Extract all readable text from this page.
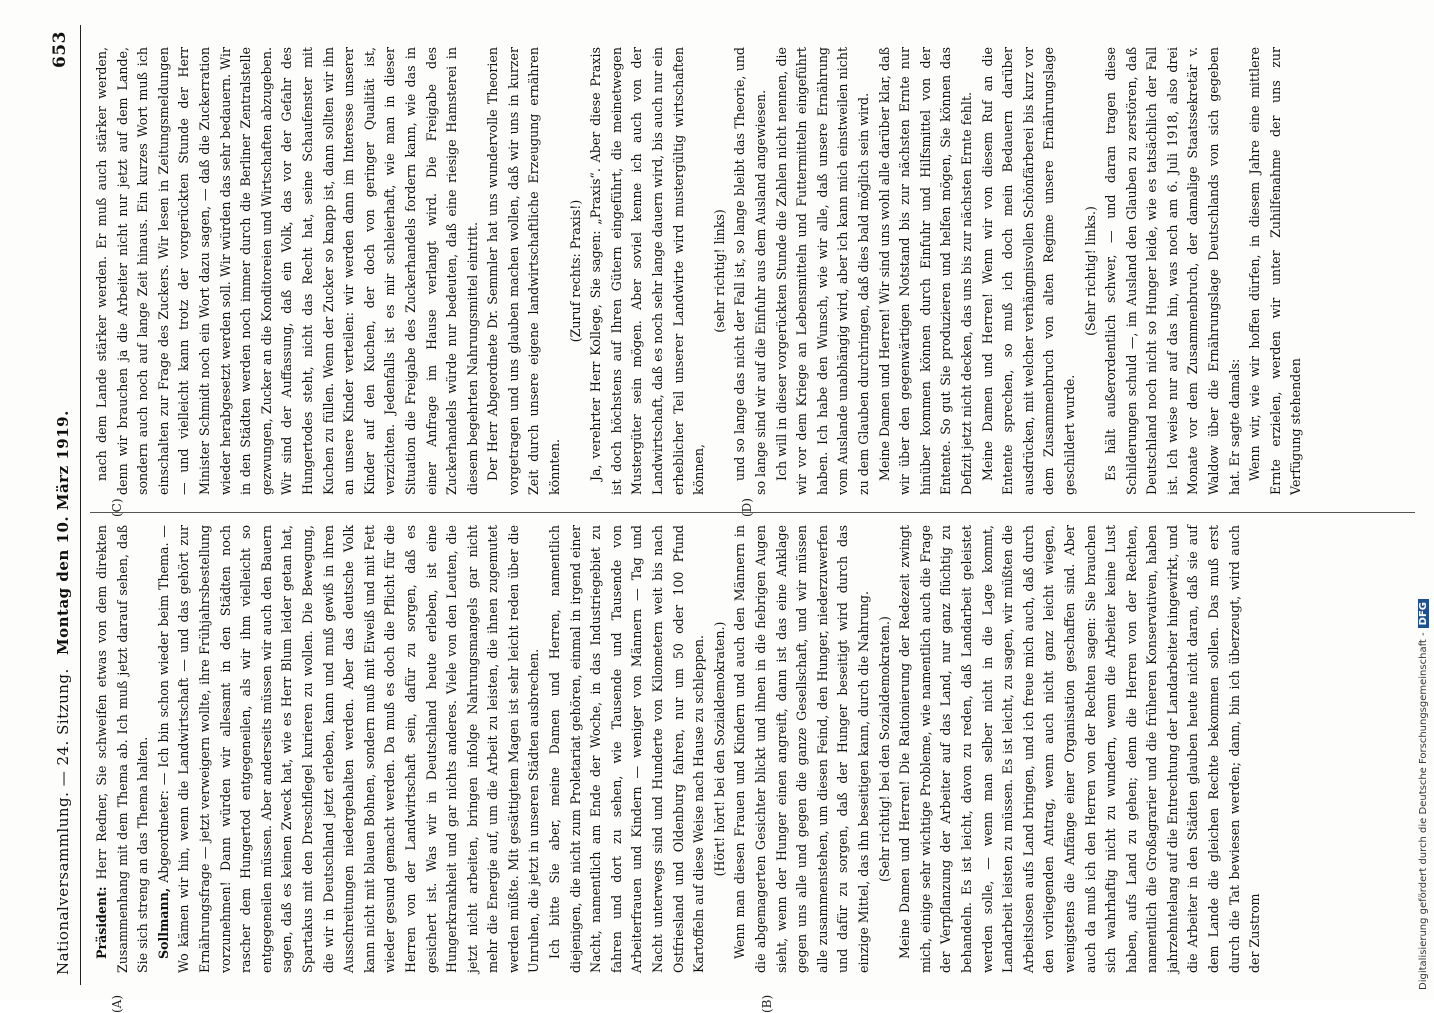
Nationalversammlung. — 24. Sitzung.
Montag den 10. März 1919.
653
(A)	(B)
(C)	(D)

Präsident: Herr Redner, Sie schweifen etwas von dem direkten Zusammenhang mit dem Thema ab. Ich muß jetzt darauf sehen, daß Sie sich streng an das Thema halten. Sollmann, Abgeordneter: — Ich bin schon wieder beim Thema. — Wo kämen wir hin, wenn die Landwirtschaft — und das gehört zur Ernährungsfrage — jetzt verweigern wollte, ihre Frühjahrsbestellung vorzunehmen! Dann würden wir allesamt in den Städten noch rascher dem Hungertod entgegeneilen, als wir ihm vielleicht so entgegeneilen müssen. Aber anderseits müssen wir auch den Bauern sagen, daß es keinen Zweck hat, wie es Herr Blum leider getan hat, Spartakus mit den Dreschflegel kurieren zu wollen. Die Bewegung, die wir in Deutschland jetzt erleben, kann und muß gewiß in ihren Ausschreitungen niedergehalten werden. Aber das deutsche Volk kann nicht mit blauen Bohnen, sondern muß mit Eiweiß und mit Fett wieder gesund gemacht werden. Da muß es doch die Pflicht für die Herren von der Landwirtschaft sein, dafür zu sorgen, daß es gesichert ist. Was wir in Deutschland heute erleben, ist eine Hungerkrankheit und gar nichts anderes. Viele von den Leuten, die jetzt nicht arbeiten, bringen infolge Nahrungsmangels gar nicht mehr die Energie auf, um die Arbeit zu leisten, die ihnen zugemutet werden müßte. Mit gesättigtem Magen ist sehr leicht reden über die Unruhen, die jetzt in unseren Städten ausbrechen. Ich bitte Sie aber, meine Damen und Herren, namentlich diejenigen, die nicht zum Proletariat gehören, einmal in irgend einer Nacht, namentlich am Ende der Woche, in das Industriegebiet zu fahren und dort zu sehen, wie Tausende und Tausende von Arbeiterfrauen und Kindern — weniger von Männern — Tag und Nacht unterwegs sind und Hunderte von Kilometern weit bis nach Ostfriesland und Oldenburg fahren, nur um 50 oder 100 Pfund Kartoffeln auf diese Weise nach Hause zu schleppen. (Hört! hört! bei den Sozialdemokraten.) Wenn man diesen Frauen und Kindern und auch den Männern in die abgemagerten Gesichter blickt und ihnen in die fiebrigen Augen sieht, wenn der Hunger einen angreift, dann ist das eine Anklage gegen uns alle und gegen die ganze Gesellschaft, und wir müssen alle zusammenstehen, um diesen Feind, den Hunger, niederzuwerfen und dafür zu sorgen, daß der Hunger beseitigt wird durch das einzige Mittel, das ihn beseitigen kann, durch die Nahrung. (Sehr richtig! bei den Sozialdemokraten.) Meine Damen und Herren! Die Rationierung der Redezeit zwingt mich, einige sehr wichtige Probleme, wie namentlich auch die Frage der Verpflanzung der Arbeiter auf das Land, nur ganz flüchtig zu behandeln. Es ist leicht, davon zu reden, daß Landarbeit geleistet werden solle, — wenn man selber nicht in die Lage kommt, Landarbeit leisten zu müssen. Es ist leicht, zu sagen, wir müßten die Arbeitslosen aufs Land bringen, und ich freue mich auch, daß durch den vorliegenden Antrag, wenn auch nicht ganz leicht wiegen, wenigstens die Anfänge einer Organisation geschaffen sind. Aber auch da muß ich den Herren von der Rechten sagen: Sie brauchen sich wahrhaftig nicht zu wundern, wenn die Arbeiter keine Lust haben, aufs Land zu gehen; denn die Herren von der Rechten, namentlich die Großagrarier und die früheren Konservativen, haben jahrzehntelang auf die Entrechtung der Landarbeiter hingewirkt, und die Arbeiter in den Städten glauben heute nicht daran, daß sie auf dem Lande die gleichen Rechte bekommen sollen. Das muß erst durch die Tat bewiesen werden; dann, bin ich überzeugt, wird auch der Zustrom

nach dem Lande stärker werden. Er muß auch stärker werden, denn wir brauchen ja die Arbeiter nicht nur jetzt auf dem Lande, sondern auch noch auf lange Zeit hinaus. Ein kurzes Wort muß ich einschalten zur Frage des Zuckers. Wir lesen in Zeitungsmeldungen — und vielleicht kann trotz der vorgerückten Stunde der Herr Minister Schmidt noch ein Wort dazu sagen, — daß die Zuckerration wieder herabgesetzt werden soll. Wir würden das sehr bedauern. Wir in den Städten werden noch immer durch die Berliner Zentralstelle gezwungen, Zucker an die Konditoreien und Wirtschaften abzugeben. Wir sind der Auffassung, daß ein Volk, das vor der Gefahr des Hungertodes steht, nicht das Recht hat, seine Schaufenster mit Kuchen zu füllen. Wenn der Zucker so knapp ist, dann sollten wir ihn an unsere Kinder verteilen: wir werden dann im Interesse unserer Kinder auf den Kuchen, der doch von geringer Qualität ist, verzichten. Jedenfalls ist es mir schleierhaft, wie man in dieser Situation die Freigabe des Zuckerhandels fordern kann, wie das in einer Anfrage im Hause verlangt wird. Die Freigabe des Zuckerhandels würde nur bedeuten, daß eine riesige Hamsterei in diesem begehrten Nahrungsmittel eintritt. Der Herr Abgeordnete Dr. Semmler hat uns wundervolle Theorien vorgetragen und uns glauben machen wollen, daß wir uns in kurzer Zeit durch unsere eigene landwirtschaftliche Erzeugung ernähren könnten.

(Zuruf rechts: Praxis!) Ja, verehrter Herr Kollege, Sie sagen: „Praxis“. Aber diese Praxis ist doch höchstens auf Ihren Gütern eingeführt, die meinetwegen Mustergüter sein mögen. Aber soviel kenne ich auch von der Landwirtschaft, daß es noch sehr lange dauern wird, bis auch nur ein erheblicher Teil unserer Landwirte wird mustergültig wirtschaften können,

(sehr richtig! links) und so lange das nicht der Fall ist, so lange bleibt das Theorie, und so lange sind wir auf die Einfuhr aus dem Ausland angewiesen. Ich will in dieser vorgerückten Stunde die Zahlen nicht nennen, die wir vor dem Kriege an Lebensmitteln und Futtermitteln eingeführt haben. Ich habe den Wunsch, wie wir alle, daß unsere Ernährung vom Auslande unabhängig wird, aber ich kann mich einstweilen nicht zu dem Glauben durchringen, daß dies bald möglich sein wird. Meine Damen und Herren! Wir sind uns wohl alle darüber klar, daß wir über den gegenwärtigen Notstand bis zur nächsten Ernte nur hinüber kommen können durch Einfuhr und Hilfsmittel von der Entente. So gut Sie produzieren und helfen mögen, Sie können das Defizit jetzt nicht decken, das uns bis zur nächsten Ernte fehlt. Meine Damen und Herren! Wenn wir von diesem Ruf an die Entente sprechen, so muß ich doch mein Bedauern darüber ausdrücken, mit welcher verhängnisvollen Schönfärberei bis kurz vor dem Zusammenbruch von alten Regime unsere Ernährungslage geschildert wurde.

(Sehr richtig! links.) Es hält außerordentlich schwer, — und daran tragen diese Schilderungen schuld —, im Ausland den Glauben zu zerstören, daß Deutschland noch nicht so Hunger leide, wie es tatsächlich der Fall ist. Ich weise nur auf das hin, was noch am 6. Juli 1918, also drei Monate vor dem Zusammenbruch, der damalige Staatssekretär v. Waldow über die Ernährungslage Deutschlands von sich gegeben hat. Er sagte damals: Wenn wir, wie wir hoffen dürfen, in diesem Jahre eine mittlere Ernte erzielen, werden wir unter Zuhilfenahme der uns zur Verfügung stehenden

Digitalisierung gefördert durch die Deutsche Forschungsgemeinschaft -DFG
